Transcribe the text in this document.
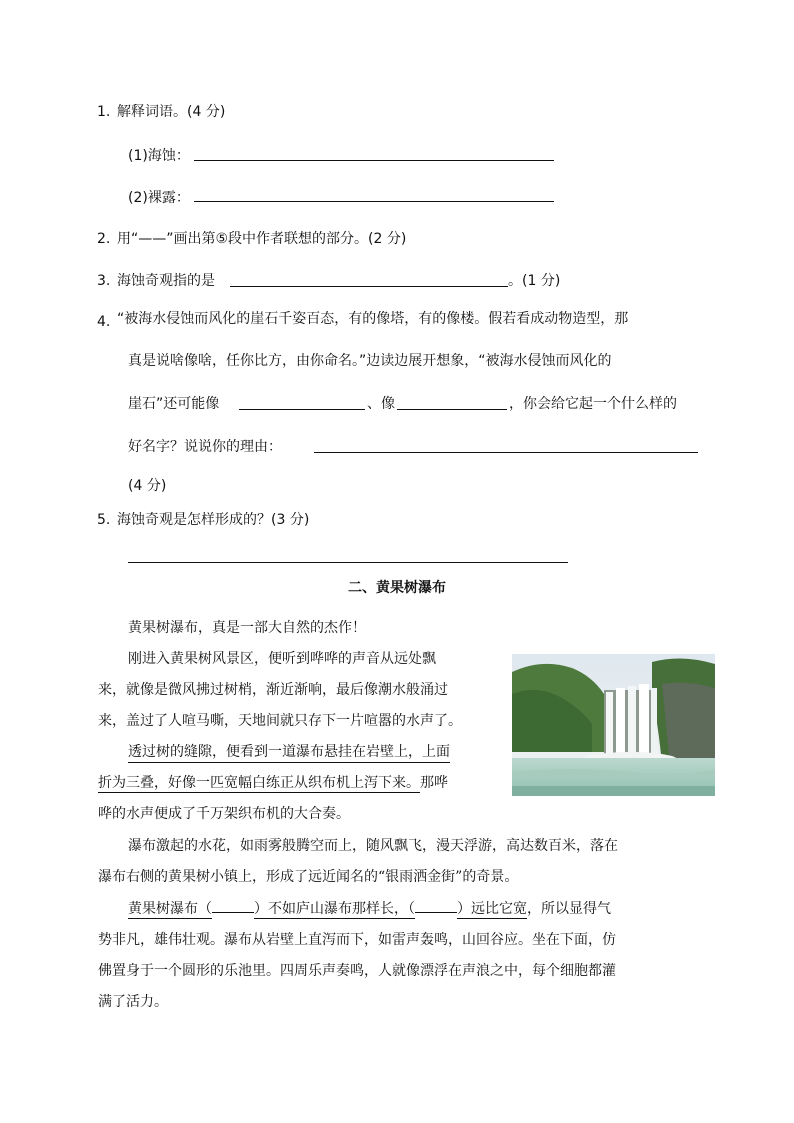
1. 解释词语。(4 分)
(1)海蚀：
(2)裸露：
2. 用“——”画出第⑤段中作者联想的部分。(2 分)
3. 海蚀奇观指的是	。(1 分)
4. “被海水侵蚀而风化的崖石千姿百态，有的像塔，有的像楼。假若看成动物造型，那
真是说啥像啥，任你比方，由你命名。”边读边展开想象，“被海水侵蚀而风化的
崖石”还可能像	、像	，你会给它起一个什么样的
好名字？说说你的理由：
(4 分)
5. 海蚀奇观是怎样形成的？(3 分)
二、黄果树瀑布
黄果树瀑布，真是一部大自然的杰作！
刚进入黄果树风景区，便听到哗哗的声音从远处飘
来，就像是微风拂过树梢，渐近渐响，最后像潮水般涌过
来，盖过了人喧马嘶，天地间就只存下一片喧嚣的水声了。
透过树的缝隙，便看到一道瀑布悬挂在岩壁上，上面
折为三叠，好像一匹宽幅白练正从织布机上泻下来。那哗
哗的水声便成了千万架织布机的大合奏。
瀑布激起的水花，如雨雾般腾空而上，随风飘飞，漫天浮游，高达数百米，落在
瀑布右侧的黄果树小镇上，形成了远近闻名的“银雨洒金街”的奇景。
黄果树瀑布（	）不如庐山瀑布那样长，（	）远比它宽，所以显得气
势非凡，雄伟壮观。瀑布从岩壁上直泻而下，如雷声轰鸣，山回谷应。坐在下面，仿
佛置身于一个圆形的乐池里。四周乐声奏鸣，人就像漂浮在声浪之中，每个细胞都灌
满了活力。
